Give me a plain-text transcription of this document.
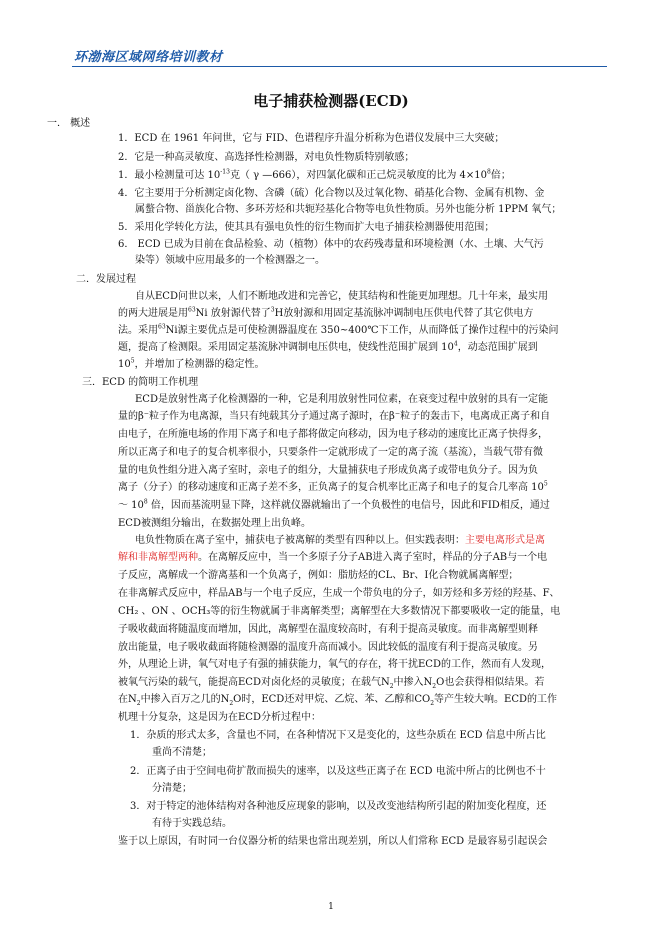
环渤海区域网络培训教材
电子捕获检测器(ECD)
一． 概述
1．ECD 在 1961 年问世，它与 FID、色谱程序升温分析称为色谱仪发展中三大突破；
2．它是一种高灵敏度、高选择性检测器，对电负性物质特别敏感；
1．最小检测量可达 $10^{-13}$克（ γ —666），对四氯化碳和正己烷灵敏度的比为 $4\times 10^8$倍；
4．它主要用于分析测定卤化物、含磷（硫）化合物以及过氧化物、硝基化合物、金属有机物、金
属螯合物、甾族化合物、多环芳烃和共轭羟基化合物等电负性物质。另外也能分析 1PPM 氧气；
5．采用化学转化方法，使其具有强电负性的衍生物而扩大电子捕获检测器使用范围；
6． ECD 已成为目前在食品检验、动（植物）体中的农药残毒量和环境检测（水、土壤、大气污
染等）领域中应用最多的一个检测器之一。
二．发展过程
自从ECD问世以来，人们不断地改进和完善它，使其结构和性能更加理想。几十年来，最实用
的两大进展是用$^{63}$Ni 放射源代替了$^3$H放射源和用固定基流脉冲调制电压供电代替了其它供电方
法。采用$^{63}$Ni源主要优点是可使检测器温度在 350~400℃下工作，从而降低了操作过程中的污染问
题，提高了检测限。采用固定基流脉冲调制电压供电，使线性范围扩展到 $10^4$，动态范围扩展到
$10^5$，并增加了检测器的稳定性。
三．ECD 的简明工作机理
ECD是放射性离子化检测器的一种，它是利用放射性同位素，在衰变过程中放射的具有一定能
量的β⁻粒子作为电离源，当只有纯载其分子通过离子源时，在β⁻粒子的轰击下，电离成正离子和自
由电子，在所施电场的作用下离子和电子都将做定向移动，因为电子移动的速度比正离子快得多，
所以正离子和电子的复合机率很小，只要条件一定就形成了一定的离子流（基流），当载气带有微
量的电负性组分进入离子室时，亲电子的组分，大量捕获电子形成负离子或带电负分子。因为负
离子（分子）的移动速度和正离子差不多，正负离子的复合机率比正离子和电子的复合几率高 $10^5$
～ $10^8$ 倍，因而基流明显下降，这样就仪器就输出了一个负极性的电信号，因此和FID相反，通过
ECD被测组分输出，在数据处理上出负峰。
电负性物质在离子室中，捕获电子被离解的类型有四种以上。但实践表明：主要电离形式是离
解和非离解型两种。在离解反应中，当一个多原子分子AB进入离子室时，样品的分子AB与一个电
子反应，离解成一个游离基和一个负离子，例如：脂肪烃的CL、Br、I化合物就属离解型；
在非离解式反应中，样品AB与一个电子反应，生成一个带负电的分子，如芳烃和多芳烃的羟基、F、
CH₂ 、ON 、OCH₃等的衍生物就属于非离解类型；离解型在大多数情况下都要吸收一定的能量，电
子吸收截面将随温度而增加，因此，离解型在温度较高时，有利于提高灵敏度。而非离解型则释
放出能量，电子吸收截面将随检测器的温度升高而减小。因此较低的温度有利于提高灵敏度。另
外，从理论上讲，氧气对电子有强的捕获能力，氧气的存在，将干扰ECD的工作，然而有人发现，
被氧气污染的载气，能提高ECD对卤化烃的灵敏度；在载气$N_2$中掺入$N_2O$也会获得相似结果。若
在$N_2$中掺入百万之几的$N_2O$时，ECD还对甲烷、乙烷、苯、乙醇和$CO_2$等产生较大响。ECD的工作
机理十分复杂，这是因为在ECD分析过程中：
1．杂质的形式太多，含量也不同，在各种情况下又是变化的，这些杂质在 ECD 信息中所占比
重尚不清楚；
2．正离子由于空间电荷扩散而损失的速率，以及这些正离子在 ECD 电流中所占的比例也不十
分清楚；
3．对于特定的池体结构对各种池反应现象的影响，以及改变池结构所引起的附加变化程度，还
有待于实践总结。
鉴于以上原因，有时同一台仪器分析的结果也常出现差别，所以人们常称 ECD 是最容易引起误会
1
